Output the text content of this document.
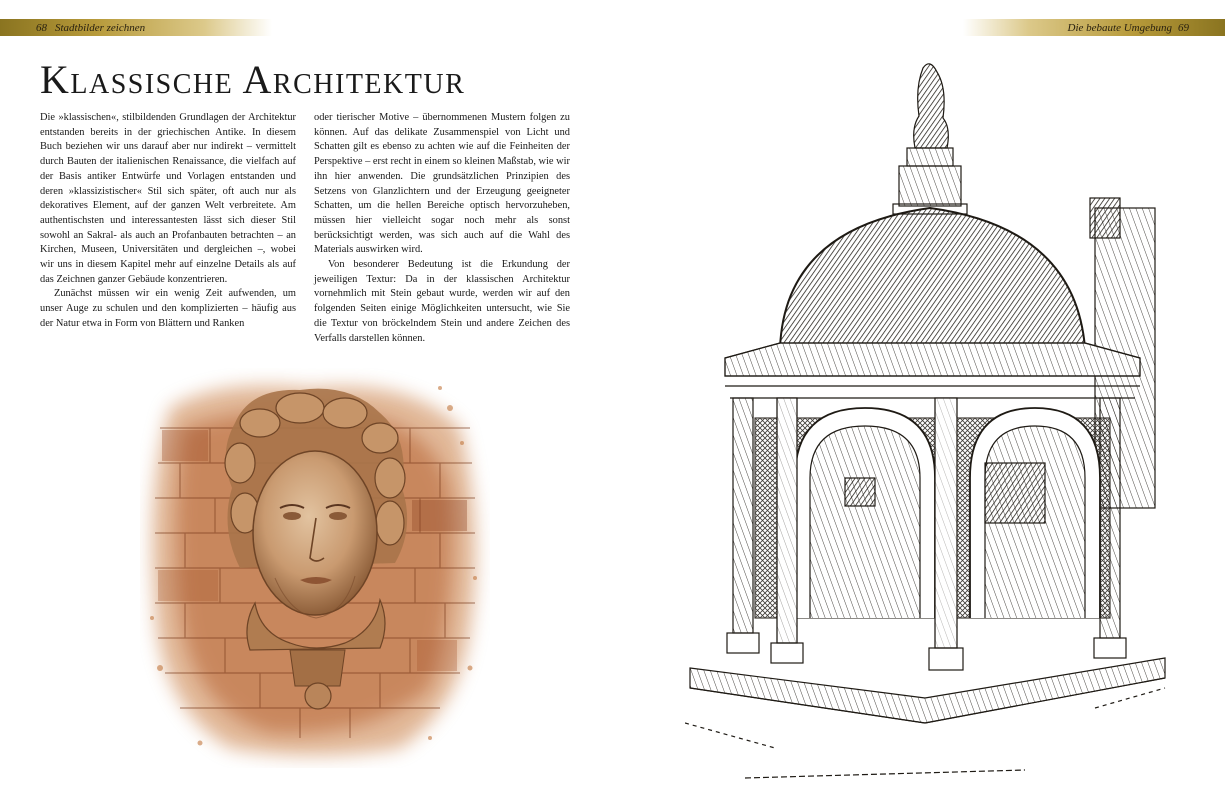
68 Stadtbilder zeichnen	Die bebaute Umgebung 69
Klassische Architektur

Die »klassischen«, stilbildenden Grundlagen der Architektur entstanden bereits in der griechischen Antike. In diesem Buch beziehen wir uns darauf aber nur indirekt – vermittelt durch Bauten der italienischen Renaissance, die vielfach auf der Basis antiker Entwürfe und Vorlagen entstanden und deren »klassizistischer« Stil sich später, oft auch nur als dekoratives Element, auf der ganzen Welt verbreitete. Am authentischsten und interessantesten lässt sich dieser Stil sowohl an Sakral- als auch an Profanbauten betrachten – an Kirchen, Museen, Universitäten und dergleichen –, wobei wir uns in diesem Kapitel mehr auf einzelne Details als auf das Zeichnen ganzer Gebäude konzentrieren.

Zunächst müssen wir ein wenig Zeit aufwenden, um unser Auge zu schulen und den komplizierten – häufig aus der Natur etwa in Form von Blättern und Ranken

oder tierischer Motive – übernommenen Mustern folgen zu können. Auf das delikate Zusammenspiel von Licht und Schatten gilt es ebenso zu achten wie auf die Feinheiten der Perspektive – erst recht in einem so kleinen Maßstab, wie wir ihn hier anwenden. Die grundsätzlichen Prinzipien des Setzens von Glanzlichtern und der Erzeugung geeigneter Schatten, um die hellen Bereiche optisch hervorzuheben, müssen hier vielleicht sogar noch mehr als sonst berücksichtigt werden, was sich auch auf die Wahl des Materials auswirken wird.

Von besonderer Bedeutung ist die Erkundung der jeweiligen Textur: Da in der klassischen Architektur vornehmlich mit Stein gebaut wurde, werden wir auf den folgenden Seiten einige Möglichkeiten untersucht, wie Sie die Textur von bröckelndem Stein und andere Zeichen des Verfalls darstellen können.
